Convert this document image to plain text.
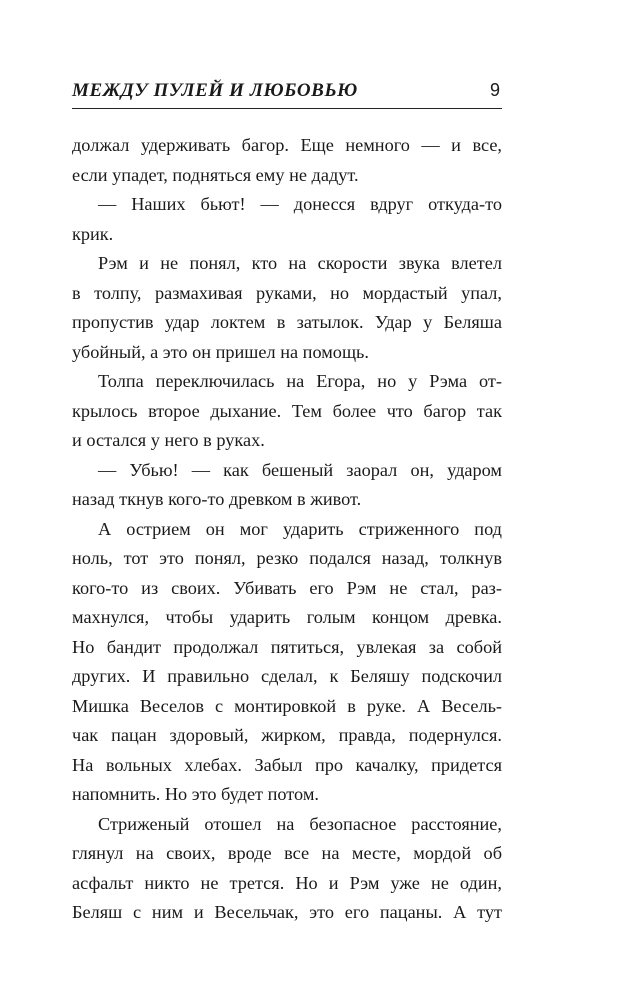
МЕЖДУ ПУЛЕЙ И ЛЮБОВЬЮ	9
должал удерживать багор. Еще немного — и все,
если упадет, подняться ему не дадут.
— Наших бьют! — донесся вдруг откуда-то
крик.
Рэм и не понял, кто на скорости звука влетел
в толпу, размахивая руками, но мордастый упал,
пропустив удар локтем в затылок. Удар у Беляша
убойный, а это он пришел на помощь.
Толпа переключилась на Егора, но у Рэма от-
крылось второе дыхание. Тем более что багор так
и остался у него в руках.
— Убью! — как бешеный заорал он, ударом
назад ткнув кого-то древком в живот.
А острием он мог ударить стриженного под
ноль, тот это понял, резко подался назад, толкнув
кого-то из своих. Убивать его Рэм не стал, раз-
махнулся, чтобы ударить голым концом древка.
Но бандит продолжал пятиться, увлекая за собой
других. И правильно сделал, к Беляшу подскочил
Мишка Веселов с монтировкой в руке. А Весель-
чак пацан здоровый, жирком, правда, подернулся.
На вольных хлебах. Забыл про качалку, придется
напомнить. Но это будет потом.
Стриженый отошел на безопасное расстояние,
глянул на своих, вроде все на месте, мордой об
асфальт никто не трется. Но и Рэм уже не один,
Беляш с ним и Весельчак, это его пацаны. А тут
